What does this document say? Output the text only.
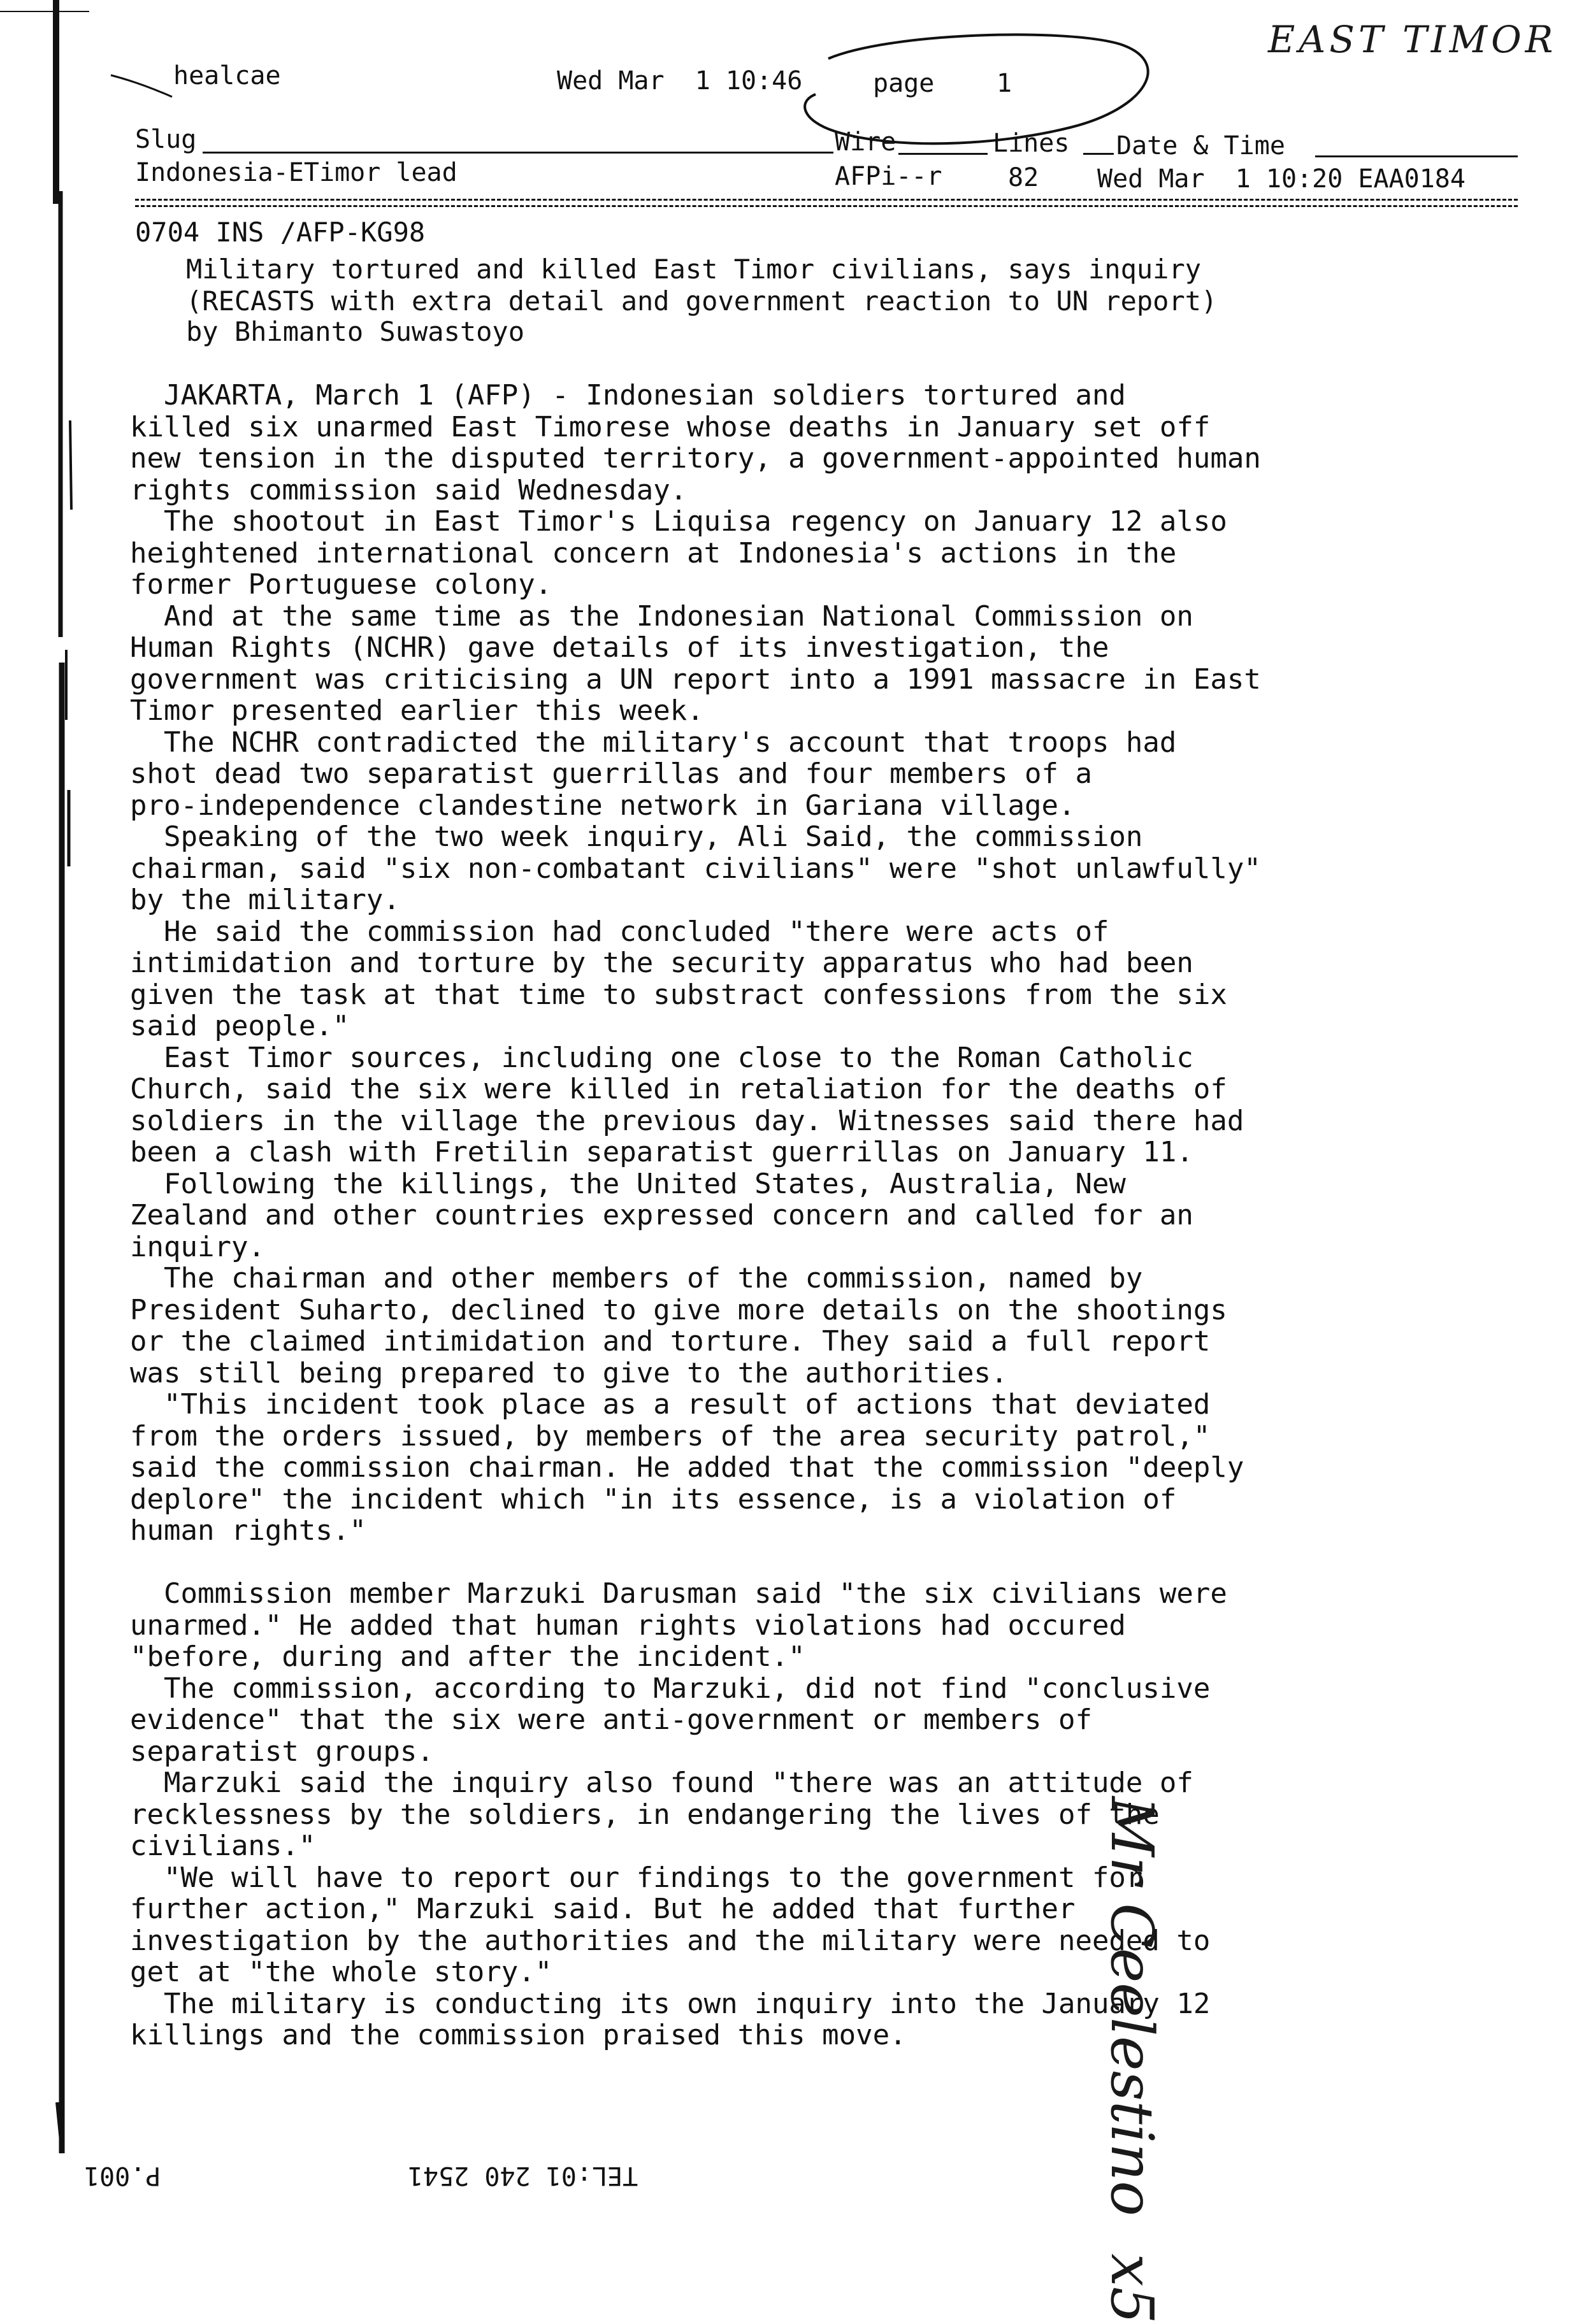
healcae	Wed Mar  1 10:46	page 1
EAST TIMOR
Slug	Wire	Lines Date & Time
Indonesia-ETimor lead	AFPi--r	82 Wed Mar  1 10:20 EAA0184
0704 INS /AFP-KG98
Military tortured and killed East Timor civilians, says inquiry
(RECASTS with extra detail and government reaction to UN report)
by Bhimanto Suwastoyo
JAKARTA, March 1 (AFP) - Indonesian soldiers tortured and
killed six unarmed East Timorese whose deaths in January set off
new tension in the disputed territory, a government-appointed human
rights commission said Wednesday.
The shootout in East Timor's Liquisa regency on January 12 also
heightened international concern at Indonesia's actions in the
former Portuguese colony.
And at the same time as the Indonesian National Commission on
Human Rights (NCHR) gave details of its investigation, the
government was criticising a UN report into a 1991 massacre in East
Timor presented earlier this week.
The NCHR contradicted the military's account that troops had
shot dead two separatist guerrillas and four members of a
pro-independence clandestine network in Gariana village.
Speaking of the two week inquiry, Ali Said, the commission
chairman, said "six non-combatant civilians" were "shot unlawfully"
by the military.
He said the commission had concluded "there were acts of
intimidation and torture by the security apparatus who had been
given the task at that time to substract confessions from the six
said people."
East Timor sources, including one close to the Roman Catholic
Church, said the six were killed in retaliation for the deaths of
soldiers in the village the previous day. Witnesses said there had
been a clash with Fretilin separatist guerrillas on January 11.
Following the killings, the United States, Australia, New
Zealand and other countries expressed concern and called for an
inquiry.
The chairman and other members of the commission, named by
President Suharto, declined to give more details on the shootings
or the claimed intimidation and torture. They said a full report
was still being prepared to give to the authorities.
"This incident took place as a result of actions that deviated
from the orders issued, by members of the area security patrol,"
said the commission chairman. He added that the commission "deeply
deplore" the incident which "in its essence, is a violation of
human rights."
Commission member Marzuki Darusman said "the six civilians were
unarmed." He added that human rights violations had occured
"before, during and after the incident."
The commission, according to Marzuki, did not find "conclusive
evidence" that the six were anti-government or members of
separatist groups.
Marzuki said the inquiry also found "there was an attitude of
recklessness by the soldiers, in endangering the lives of the
civilians."
"We will have to report our findings to the government for
further action," Marzuki said. But he added that further
investigation by the authorities and the military were needed to
get at "the whole story."
The military is conducting its own inquiry into the January 12
killings and the commission praised this move.	Mr Ceelestino  x5
P.001	TEL:01 240 2541
